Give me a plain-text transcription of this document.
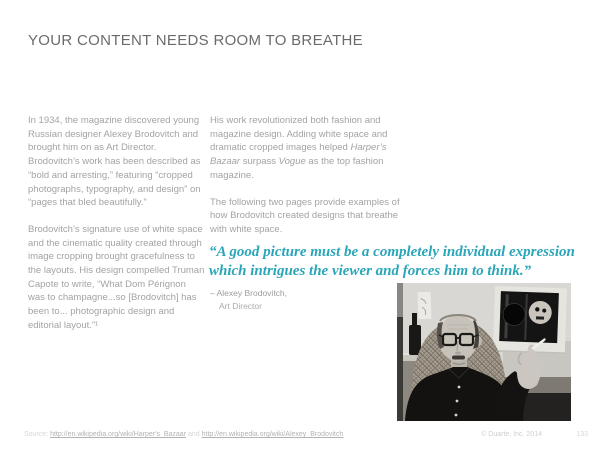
YOUR CONTENT NEEDS ROOM TO BREATHE

In 1934, the magazine discovered young Russian designer Alexey Brodovitch and brought him on as Art Director. Brodovitch’s work has been described as “bold and arresting,” featuring “cropped photographs, typography, and design” on “pages that bled beautifully.”

Brodovitch’s signature use of white space and the cinematic quality created through image cropping brought gracefulness to the layouts. His design compelled Truman Capote to write, “What Dom Pérignon was to champagne...so [Brodovitch] has been to... photographic design and editorial layout.”¹

His work revolutionized both fashion and magazine design. Adding white space and dramatic cropped images helped Harper’s Bazaar surpass Vogue as the top fashion magazine.

The following two pages provide examples of how Brodovitch created designs that breathe with white space.

“A good picture must be a completely individual expression which intrigues the viewer and forces him to think.”
– Alexey Brodovitch,
Art Director
Source: http://en.wikipedia.org/wiki/Harper's_Bazaar and http://en.wikipedia.org/wiki/Alexey_Brodovitch	© Duarte, Inc. 2014	133
